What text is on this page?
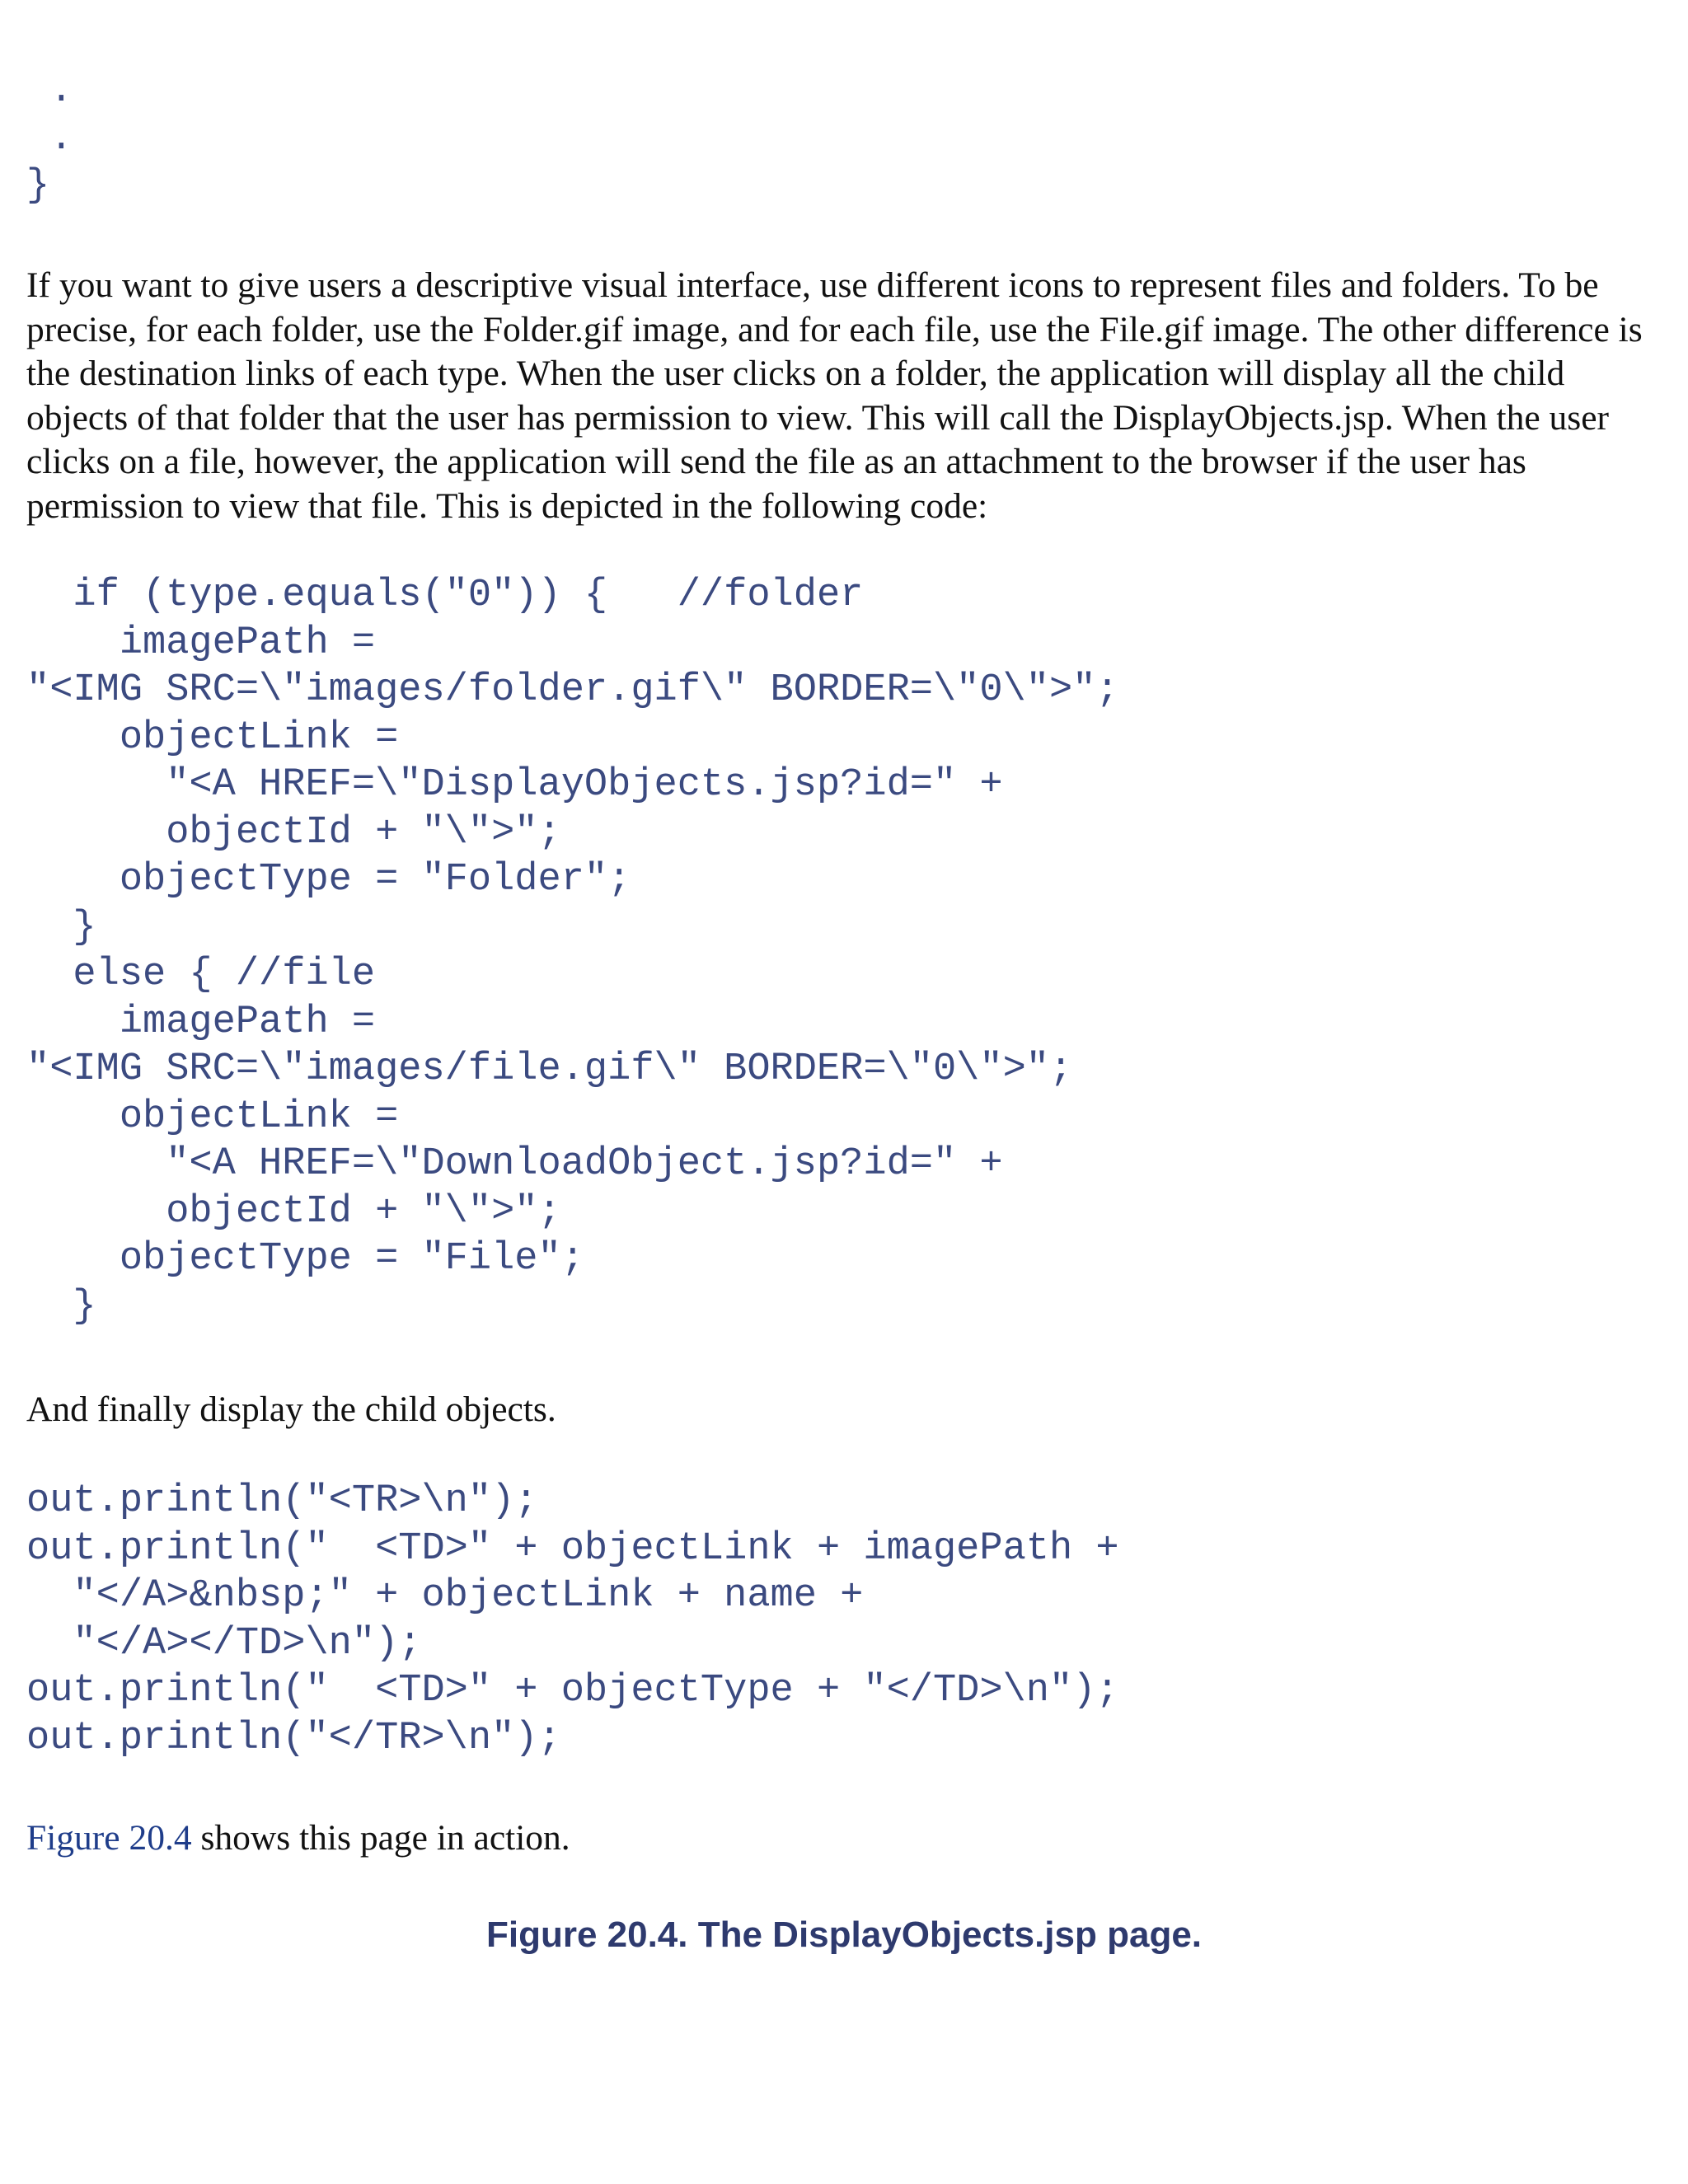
.
.
}

If you want to give users a descriptive visual interface, use different icons to represent files and folders. To be precise, for each folder, use the Folder.gif image, and for each file, use the File.gif image. The other difference is the destination links of each type. When the user clicks on a folder, the application will display all the child objects of that folder that the user has permission to view. This will call the DisplayObjects.jsp. When the user clicks on a file, however, the application will send the file as an attachment to the browser if the user has permission to view that file. This is depicted in the following code:

if (type.equals("0")) {   //folder
imagePath =
"<IMG SRC=\"images/folder.gif\" BORDER=\"0\">";
objectLink =
"<A HREF=\"DisplayObjects.jsp?id=" +
objectId + "\">";
objectType = "Folder";
}
else { //file
imagePath =
"<IMG SRC=\"images/file.gif\" BORDER=\"0\">";
objectLink =
"<A HREF=\"DownloadObject.jsp?id=" +
objectId + "\">";
objectType = "File";
}

And finally display the child objects.

out.println("<TR>\n");
out.println("  <TD>" + objectLink + imagePath +
"</A>&nbsp;" + objectLink + name +
"</A></TD>\n");
out.println("  <TD>" + objectType + "</TD>\n");
out.println("</TR>\n");

Figure 20.4 shows this page in action.

Figure 20.4. The DisplayObjects.jsp page.
